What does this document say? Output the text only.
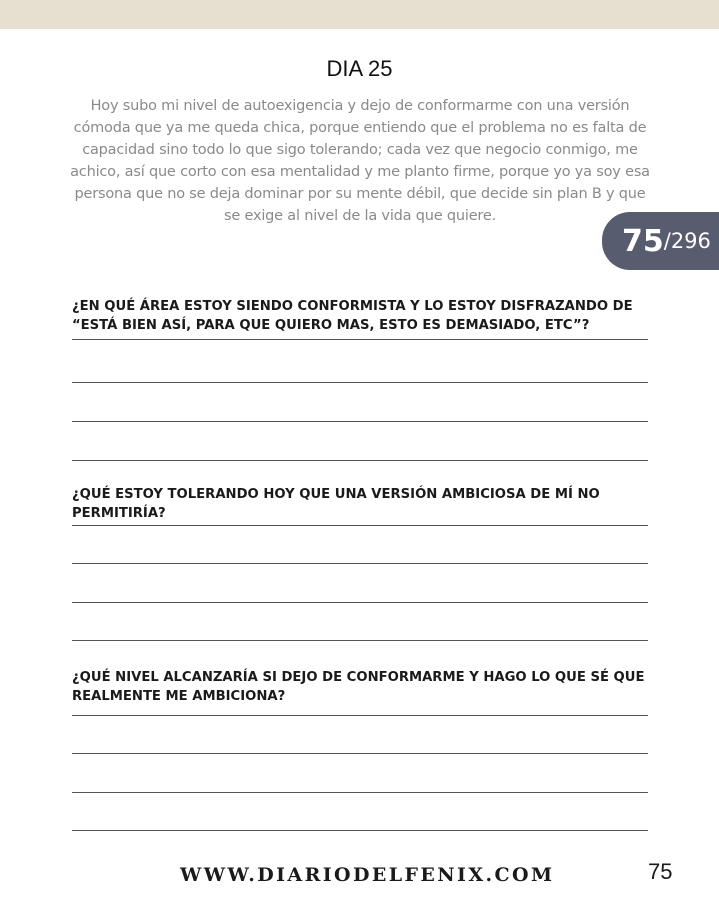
DIA 25
Hoy subo mi nivel de autoexigencia y dejo de conformarme con una versión cómoda que ya me queda chica, porque entiendo que el problema no es falta de capacidad sino todo lo que sigo tolerando; cada vez que negocio conmigo, me achico, así que corto con esa mentalidad y me planto firme, porque yo ya soy esa persona que no se deja dominar por su mente débil, que decide sin plan B y que se exige al nivel de la vida que quiere.
75 /296
¿EN QUÉ ÁREA ESTOY SIENDO CONFORMISTA Y LO ESTOY DISFRAZANDO DE “ESTÁ BIEN ASÍ, PARA QUE QUIERO MAS, ESTO ES DEMASIADO, ETC”?
¿QUÉ ESTOY TOLERANDO HOY QUE UNA VERSIÓN AMBICIOSA DE MÍ NO PERMITIRÍA?
¿QUÉ NIVEL ALCANZARÍA SI DEJO DE CONFORMARME Y HAGO LO QUE SÉ QUE REALMENTE ME AMBICIONA?
WWW.DIARIODELFENIX.COM	75
